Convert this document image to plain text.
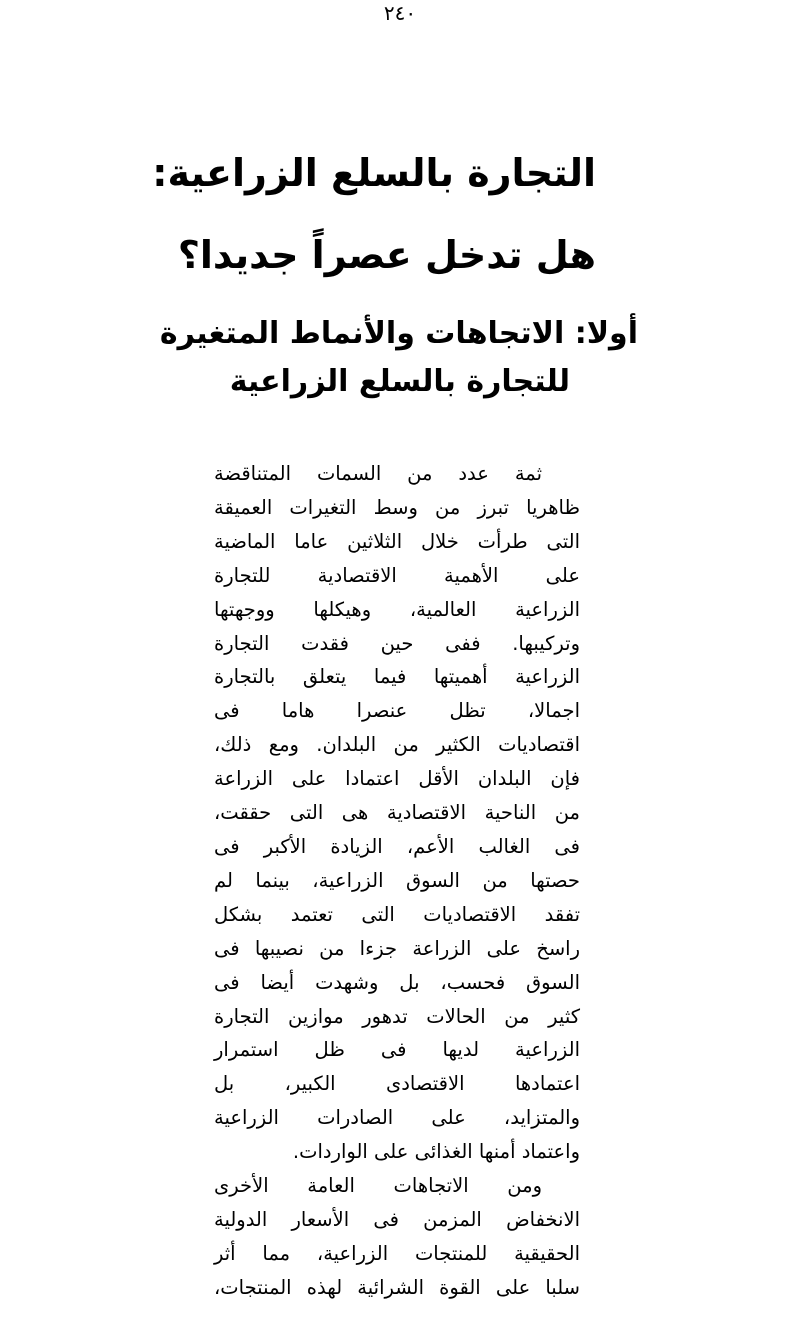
٢٤٠
التجارة بالسلع الزراعية:
هل تدخل عصراً جديدا؟
أولا: الاتجاهات والأنماط المتغيرة
للتجارة بالسلع الزراعية
ثمة عدد من السمات المتناقضة
ظاهريا تبرز من وسط التغيرات العميقة
التى طرأت خلال الثلاثين عاما الماضية
على الأهمية الاقتصادية للتجارة
الزراعية العالمية، وهيكلها ووجهتها
وتركيبها. ففى حين فقدت التجارة
الزراعية أهميتها فيما يتعلق بالتجارة
اجمالا، تظل عنصرا هاما فى
اقتصاديات الكثير من البلدان. ومع ذلك،
فإن البلدان الأقل اعتمادا على الزراعة
من الناحية الاقتصادية هى التى حققت،
فى الغالب الأعم، الزيادة الأكبر فى
حصتها من السوق الزراعية، بينما لم
تفقد الاقتصاديات التى تعتمد بشكل
راسخ على الزراعة جزءا من نصيبها فى
السوق فحسب، بل وشهدت أيضا فى
كثير من الحالات تدهور موازين التجارة
الزراعية لديها فى ظل استمرار
اعتمادها الاقتصادى الكبير، بل
والمتزايد، على الصادرات الزراعية
واعتماد أمنها الغذائى على الواردات.
ومن الاتجاهات العامة الأخرى
الانخفاض المزمن فى الأسعار الدولية
الحقيقية للمنتجات الزراعية، مما أثر
سلبا على القوة الشرائية لهذه المنتجات،
